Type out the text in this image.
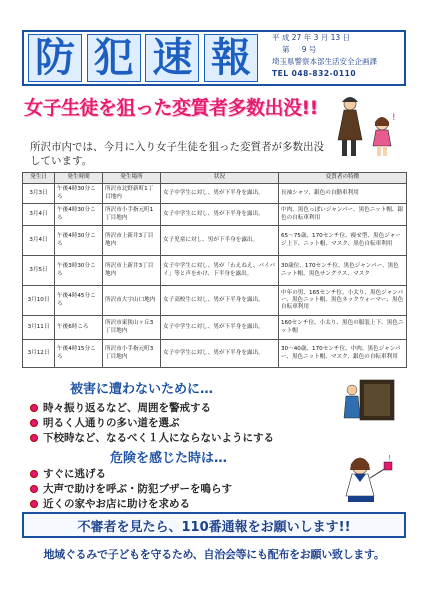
防 犯 速 報	平 成 27 年 3 月 13 日
第 　 9 号
埼玉県警察本部生活安全企画課
TEL 048-832-0110
女子生徒を狙った変質者多数出没!!	!
所沢市内では、今月に入り女子生徒を狙った変質者が多数出没しています。
発生日	発生時間	発生場所	状況	変質者の特徴
3月3日	午後4時30分ころ	所沢市北野新町1丁目地内	女子中学生に対し、男が下半身を露出。	長袖シャツ、銀色の自動車利用
3月4日	午後4時30分ころ	所沢市小手指元町1丁目地内	女子中学生に対し、男が下半身を露出。	中肉、黒色っぽいジャンパー、黒色ニット帽、銀色の自転車利用
3月4日	午後4時30分ころ	所沢市上新井3丁目地内	女子児童に対し、男が下半身を露出。	65～75歳、170センチ位、痩せ型、黒色ジャージ上下、ニット帽、マスク、黒色自転車利用
3月5日	午後3時30分ころ	所沢市上新井3丁目地内	女子中学生に対し、男が「わえねえ、パイパイ」等と声をかけ、下半身を露出。	30歳位、170センチ位、黒色ジャンパー、黒色ニット帽、黒色サングラス、マスク
3月10日	午後4時45分ころ	所沢市大字山口地内	女子高校生に対し、男が下半身を露出。	中年の男、165センチ位、小太り、黒色ジャンパー、黒色ニット帽、黒色ネックウォーマー、黒色自転車利用
3月11日	午後6時ころ	所沢市東狭山ヶ丘3丁目地内	女子中学生に対し、男が下半身を露出。	160センチ位、小太り、黒色の服装上下、黒色ニット帽
3月12日	午後4時15分ころ	所沢市小手指元町3丁目地内	女子中学生に対し、男が下半身を露出。	30～40歳、170センチ位、中肉、黒色ジャンパー、黒色ニット帽、マスク、銀色の自転車利用
被害に遭わないために…
時々振り返るなど、周囲を警戒する
明るく人通りの多い道を選ぶ
下校時など、なるべく１人にならないようにする
危険を感じた時は…
すぐに逃げる
大声で助けを呼ぶ・防犯ブザーを鳴らす
近くの家やお店に助けを求める
!
不審者を見たら、110番通報をお願いします!!
地域ぐるみで子どもを守るため、自治会等にも配布をお願い致します。
